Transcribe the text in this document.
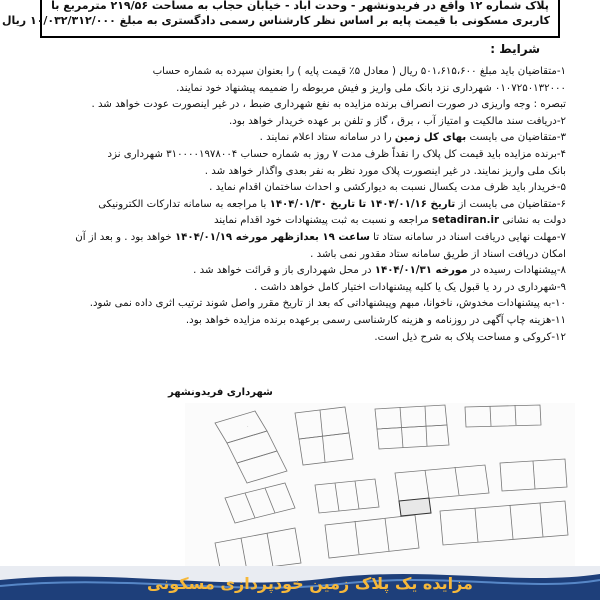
پلاک شماره ۱۲ واقع در فریدونشهر - وحدت آباد - خیابان حجاب به مساحت ۲۱۹/۵۶ مترمربع با
کاربری مسکونی با قیمت پایه بر اساس نظر کارشناس رسمی دادگستری به مبلغ ۱۰/۰۳۲/۳۱۲/۰۰۰ ریال
شرایط :
۱-متقاضیان باید مبلغ ۵۰۱،۶۱۵،۶۰۰ ریال ( معادل ۵٪ قیمت پایه ) را بعنوان سپرده به شماره حساب
۰۱۰۷۲۵۰۱۳۲۰۰۰ شهرداری نزد بانک ملی واریز و فیش مربوطه را ضمیمه پیشنهاد خود نمایند.
تبصره : وجه واریزی در صورت انصراف برنده مزایده به نفع شهرداری ضبط ، در غیر اینصورت عودت خواهد شد .
۲-دریافت سند مالکیت و امتیاز آب ، برق ، گاز و تلفن بر عهده خریدار خواهد بود.
۳-متقاضیان می بایست بهای کل زمین را در سامانه ستاد اعلام نمایند .
۴-برنده مزایده باید قیمت کل پلاک را نقداً ظرف مدت ۷ روز به شماره حساب ۳۱۰۰۰۰۱۹۷۸۰۰۴ شهرداری نزد
بانک ملی واریز نمایند. در غیر اینصورت پلاک مورد نظر به نفر بعدی واگذار خواهد شد .
۵-خریدار باید ظرف مدت یکسال نسبت به دیوارکشی و احداث ساختمان اقدام نماید .
۶-متقاضیان می بایست از تاریخ ۱۴۰۴/۰۱/۱۶ تا تاریخ ۱۴۰۴/۰۱/۳۰ با مراجعه به سامانه تدارکات الکترونیکی
دولت به نشانی setadiran.ir مراجعه و نسبت به ثبت پیشنهادات خود اقدام نمایند
۷-مهلت نهایی دریافت اسناد در سامانه ستاد تا ساعت ۱۹ بعدازظهر مورخه ۱۴۰۴/۰۱/۱۹ خواهد بود . و بعد از آن
امکان دریافت اسناد از طریق سامانه ستاد مقدور نمی باشد .
۸-پیشنهادات رسیده در مورخه ۱۴۰۴/۰۱/۳۱ در محل شهرداری باز و قرائت خواهد شد .
۹-شهرداری در رد یا قبول یک یا کلیه پیشنهادات اختیار کامل خواهد داشت .
۱۰-به پیشنهادات مخدوش، ناخوانا، مبهم وپیشنهاداتی که بعد از تاریخ مقرر واصل شوند ترتیب اثری داده نمی شود.
۱۱-هزینه چاپ آگهی در روزنامه و هزینه کارشناسی رسمی برعهده برنده مزایده خواهد بود.
۱۲-کروکی و مساحت پلاک به شرح ذیل است.
شهرداری فریدونشهر
.
مزایده یک پلاک زمین خودپردازی مسکونی
